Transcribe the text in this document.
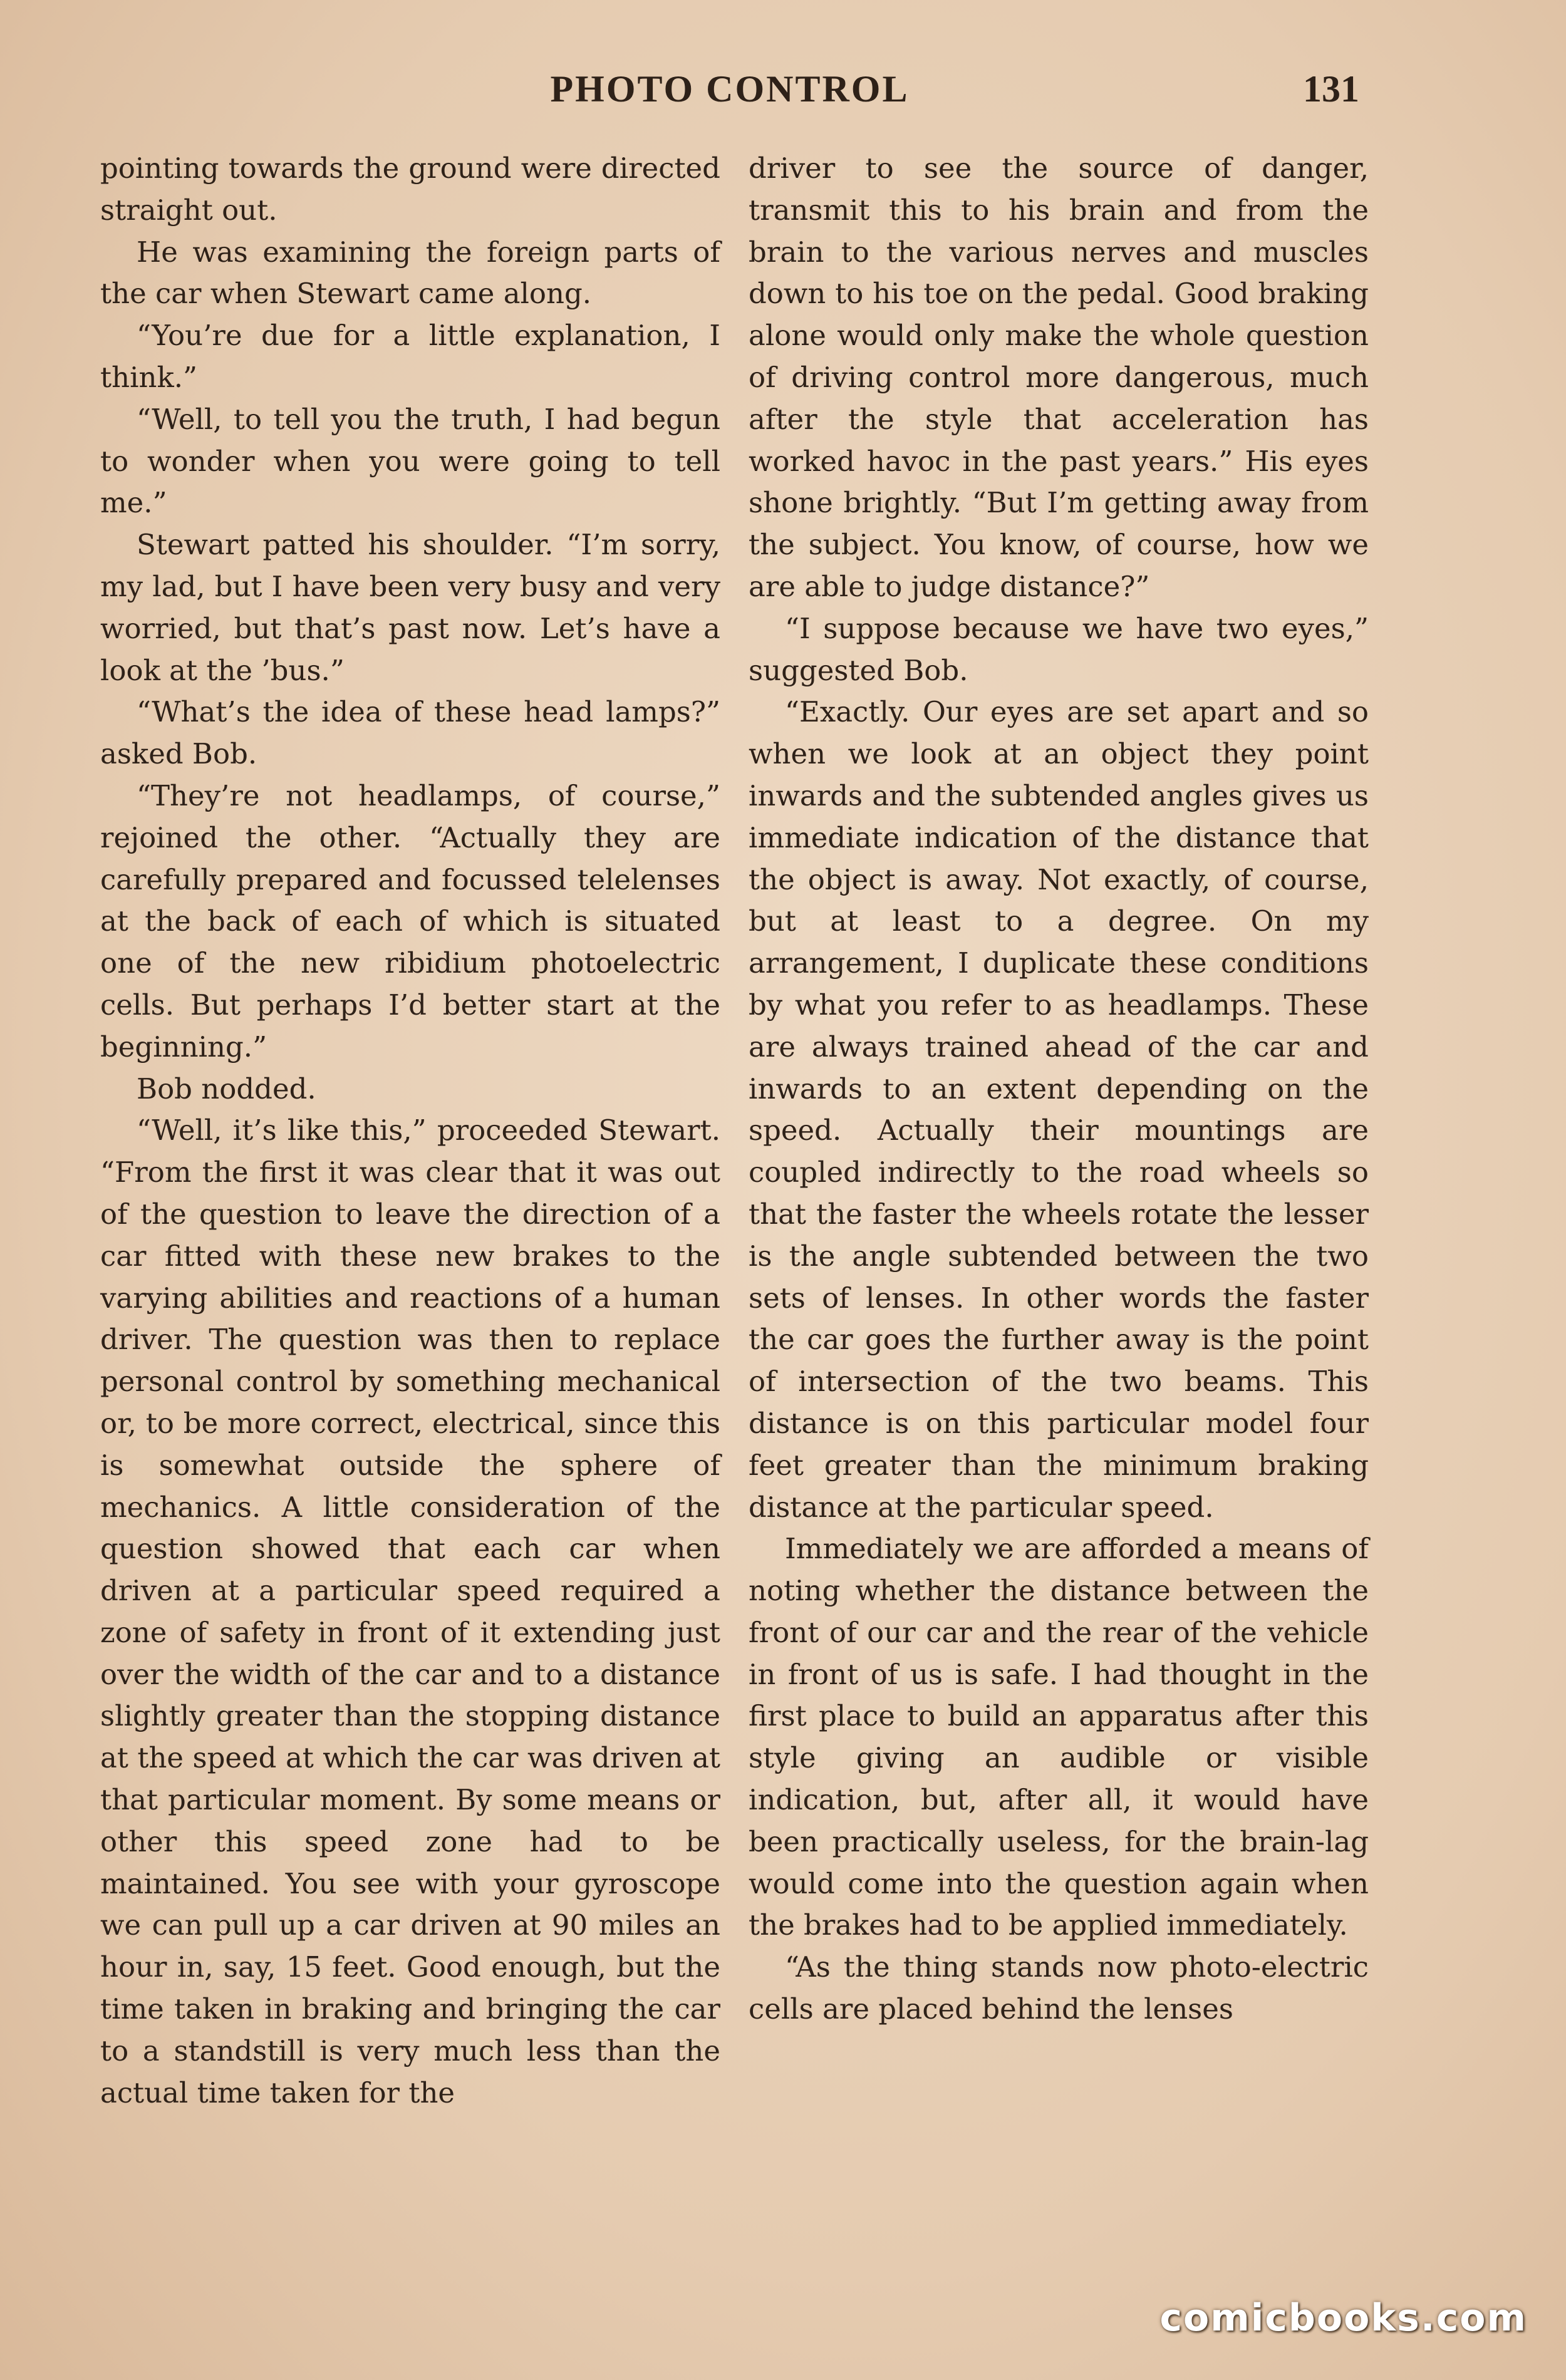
PHOTO CONTROL	131

pointing towards the ground were directed straight out.

He was examining the foreign parts of the car when Stewart came along.

“You’re due for a little explanation, I think.”

“Well, to tell you the truth, I had begun to wonder when you were going to tell me.”

Stewart patted his shoulder. “I’m sorry, my lad, but I have been very busy and very worried, but that’s past now. Let’s have a look at the ’bus.”

“What’s the idea of these head lamps?” asked Bob.

“They’re not headlamps, of course,” rejoined the other. “Actually they are carefully prepared and focussed telelenses at the back of each of which is situated one of the new ribidium photoelectric cells. But perhaps I’d better start at the beginning.”

Bob nodded.

“Well, it’s like this,” proceeded Stewart. “From the first it was clear that it was out of the question to leave the direction of a car fitted with these new brakes to the varying abilities and reactions of a human driver. The question was then to replace personal control by something mechanical or, to be more correct, electrical, since this is somewhat outside the sphere of mechanics. A little consideration of the question showed that each car when driven at a particular speed required a zone of safety in front of it extending just over the width of the car and to a distance slightly greater than the stopping distance at the speed at which the car was driven at that particular moment. By some means or other this speed zone had to be maintained. You see with your gyroscope we can pull up a car driven at 90 miles an hour in, say, 15 feet. Good enough, but the time taken in braking and bringing the car to a standstill is very much less than the actual time taken for the

driver to see the source of danger, transmit this to his brain and from the brain to the various nerves and muscles down to his toe on the pedal. Good braking alone would only make the whole question of driving control more dangerous, much after the style that acceleration has worked havoc in the past years.” His eyes shone brightly. “But I’m getting away from the subject. You know, of course, how we are able to judge distance?”

“I suppose because we have two eyes,” suggested Bob.

“Exactly. Our eyes are set apart and so when we look at an object they point inwards and the subtended angles gives us immediate indication of the distance that the object is away. Not exactly, of course, but at least to a degree. On my arrangement, I duplicate these conditions by what you refer to as headlamps. These are always trained ahead of the car and inwards to an extent depending on the speed. Actually their mountings are coupled indirectly to the road wheels so that the faster the wheels rotate the lesser is the angle subtended between the two sets of lenses. In other words the faster the car goes the further away is the point of intersection of the two beams. This distance is on this particular model four feet greater than the minimum braking distance at the particular speed.

Immediately we are afforded a means of noting whether the distance between the front of our car and the rear of the vehicle in front of us is safe. I had thought in the first place to build an apparatus after this style giving an audible or visible indication, but, after all, it would have been practically useless, for the brain-lag would come into the question again when the brakes had to be applied immediately.

“As the thing stands now photo-electric cells are placed behind the lenses

comicbooks.com
